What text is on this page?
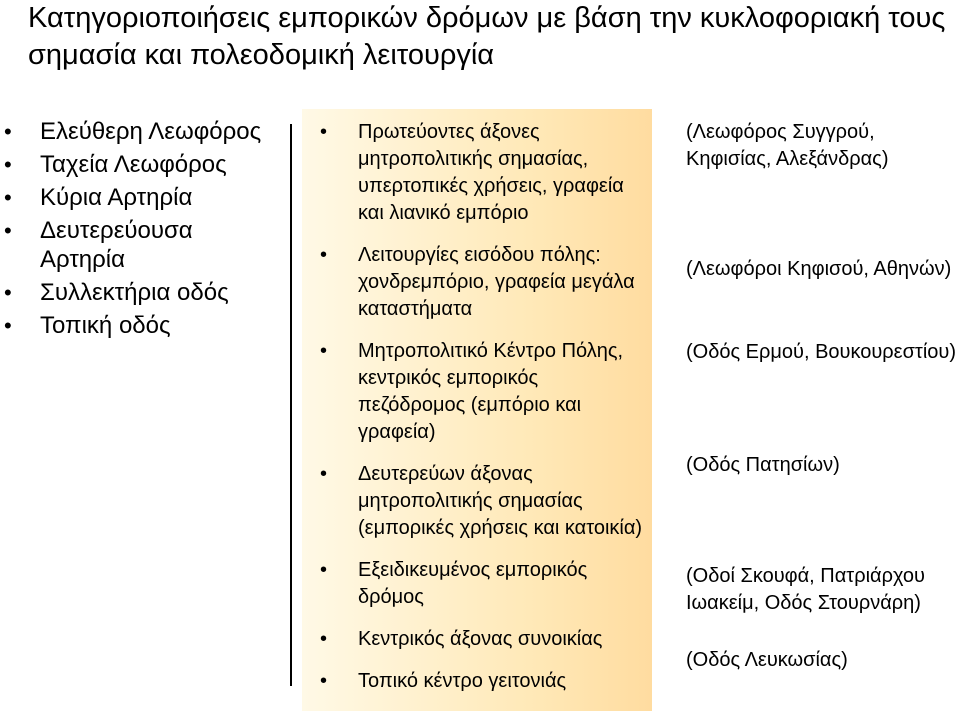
Κατηγοριοποιήσεις εμπορικών δρόμων με βάση την κυκλοφοριακή τους σημασία και πολεοδομική λειτουργία
• Ελεύθερη Λεωφόρος
• Ταχεία Λεωφόρος
• Κύρια Αρτηρία
• Δευτερεύουσα Αρτηρία
• Συλλεκτήρια οδός
• Τοπική οδός
• Πρωτεύοντες άξονες μητροπολιτικής σημασίας, υπερτοπικές χρήσεις, γραφεία και λιανικό εμπόριο
• Λειτουργίες εισόδου πόλης: χονδρεμπόριο, γραφεία μεγάλα καταστήματα
• Μητροπολιτικό Κέντρο Πόλης, κεντρικός εμπορικός πεζόδρομος (εμπόριο και γραφεία)
• Δευτερεύων άξονας μητροπολιτικής σημασίας (εμπορικές χρήσεις και κατοικία)
• Εξειδικευμένος εμπορικός δρόμος
• Κεντρικός άξονας συνοικίας
• Τοπικό κέντρο γειτονιάς
(Λεωφόρος Συγγρού, Κηφισίας, Αλεξάνδρας)
(Λεωφόροι Κηφισού, Αθηνών)
(Οδός Ερμού, Βουκουρεστίου)
(Οδός Πατησίων)
(Οδοί Σκουφά, Πατριάρχου Ιωακείμ, Οδός Στουρνάρη)
(Οδός Λευκωσίας)
